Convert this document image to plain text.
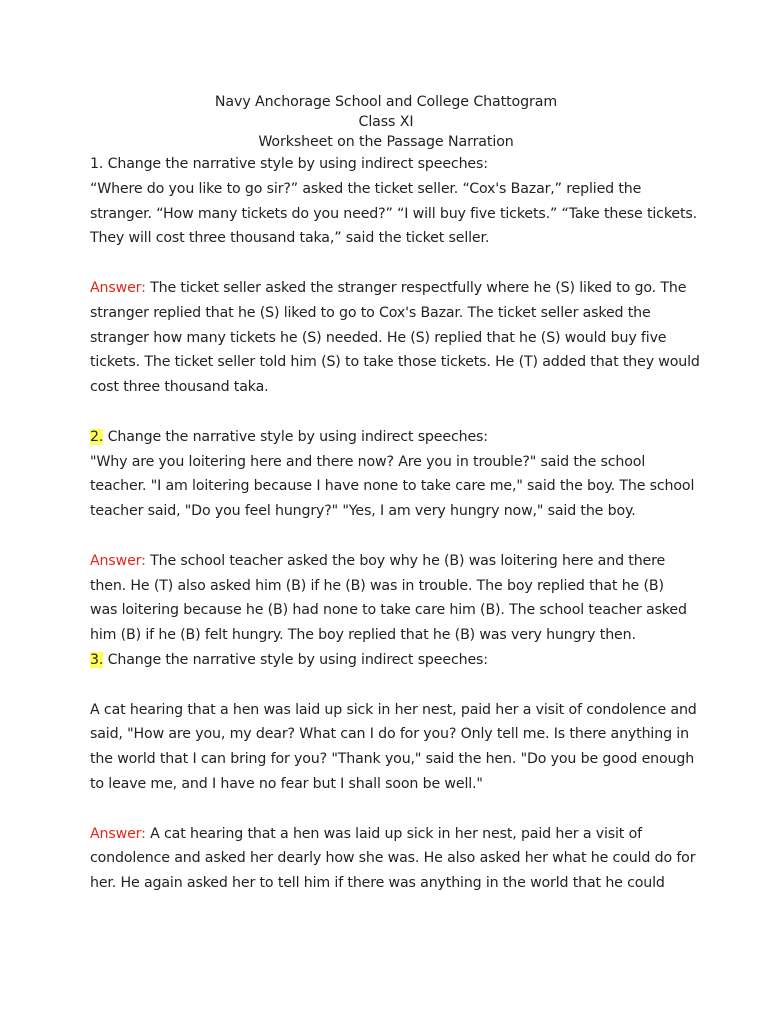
Navy Anchorage School and College Chattogram
Class XI
Worksheet on the Passage Narration
1. Change the narrative style by using indirect speeches:
“Where do you like to go sir?” asked the ticket seller. “Cox's Bazar,” replied the
stranger. “How many tickets do you need?” “I will buy five tickets.” “Take these tickets.
They will cost three thousand taka,” said the ticket seller.
Answer: The ticket seller asked the stranger respectfully where he (S) liked to go. The
stranger replied that he (S) liked to go to Cox's Bazar. The ticket seller asked the
stranger how many tickets he (S) needed. He (S) replied that he (S) would buy five
tickets. The ticket seller told him (S) to take those tickets. He (T) added that they would
cost three thousand taka.
2. Change the narrative style by using indirect speeches:
"Why are you loitering here and there now? Are you in trouble?" said the school
teacher. "I am loitering because I have none to take care me," said the boy. The school
teacher said, "Do you feel hungry?" "Yes, I am very hungry now," said the boy.
Answer: The school teacher asked the boy why he (B) was loitering here and there
then. He (T) also asked him (B) if he (B) was in trouble. The boy replied that he (B)
was loitering because he (B) had none to take care him (B). The school teacher asked
him (B) if he (B) felt hungry. The boy replied that he (B) was very hungry then.
3. Change the narrative style by using indirect speeches:
A cat hearing that a hen was laid up sick in her nest, paid her a visit of condolence and
said, "How are you, my dear? What can I do for you? Only tell me. Is there anything in
the world that I can bring for you? "Thank you," said the hen. "Do you be good enough
to leave me, and I have no fear but I shall soon be well."
Answer: A cat hearing that a hen was laid up sick in her nest, paid her a visit of
condolence and asked her dearly how she was. He also asked her what he could do for
her. He again asked her to tell him if there was anything in the world that he could
